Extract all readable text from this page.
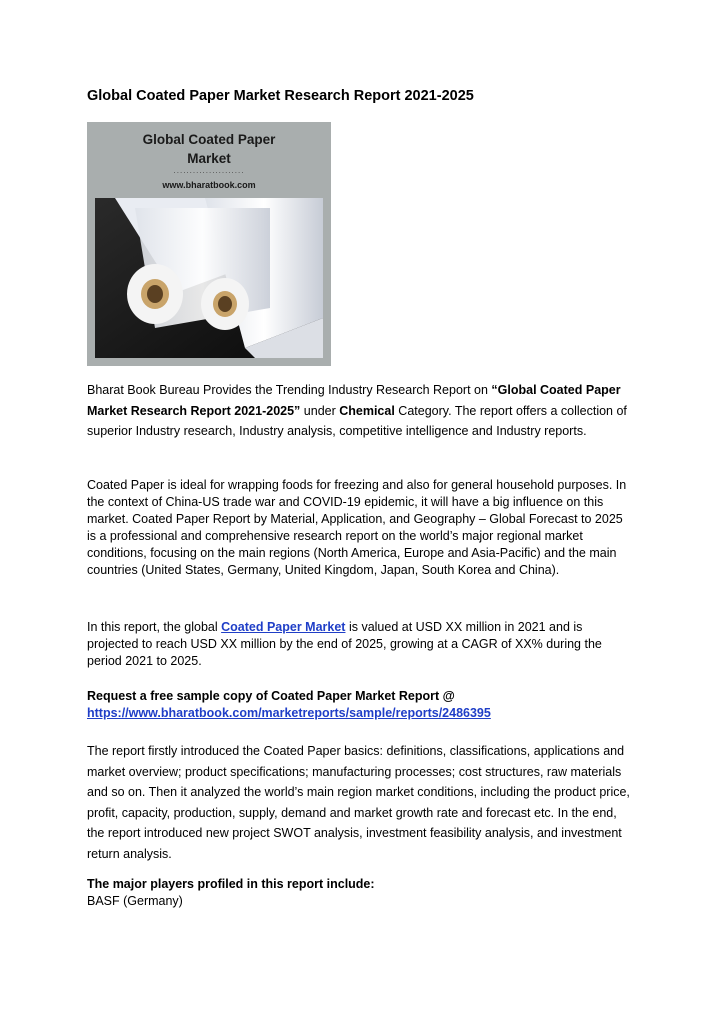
Global Coated Paper Market Research Report 2021-2025
Global Coated Paper
Market
......................
www.bharatbook.com

Bharat Book Bureau Provides the Trending Industry Research Report on “Global Coated Paper Market Research Report 2021-2025” under Chemical Category. The report offers a collection of superior Industry research, Industry analysis, competitive intelligence and Industry reports.

Coated Paper is ideal for wrapping foods for freezing and also for general household purposes. In the context of China-US trade war and COVID-19 epidemic, it will have a big influence on this market. Coated Paper Report by Material, Application, and Geography – Global Forecast to 2025 is a professional and comprehensive research report on the world’s major regional market conditions, focusing on the main regions (North America, Europe and Asia-Pacific) and the main countries (United States, Germany, United Kingdom, Japan, South Korea and China).

In this report, the global Coated Paper Market is valued at USD XX million in 2021 and is projected to reach USD XX million by the end of 2025, growing at a CAGR of XX% during the period 2021 to 2025.

Request a free sample copy of Coated Paper Market Report @
https://www.bharatbook.com/marketreports/sample/reports/2486395

The report firstly introduced the Coated Paper basics: definitions, classifications, applications and market overview; product specifications; manufacturing processes; cost structures, raw materials and so on. Then it analyzed the world’s main region market conditions, including the product price, profit, capacity, production, supply, demand and market growth rate and forecast etc. In the end, the report introduced new project SWOT analysis, investment feasibility analysis, and investment return analysis.

The major players profiled in this report include:
BASF (Germany)
